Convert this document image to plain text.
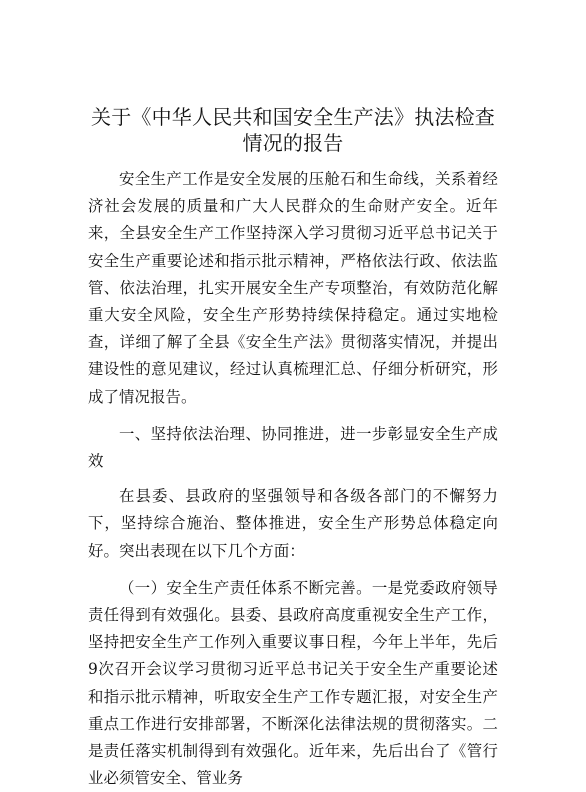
关于《中华人民共和国安全生产法》执法检查
情况的报告

安全生产工作是安全发展的压舱石和生命线，关系着经济社会发展的质量和广大人民群众的生命财产安全。近年来，全县安全生产工作坚持深入学习贯彻习近平总书记关于安全生产重要论述和指示批示精神，严格依法行政、依法监管、依法治理，扎实开展安全生产专项整治，有效防范化解重大安全风险，安全生产形势持续保持稳定。通过实地检查，详细了解了全县《安全生产法》贯彻落实情况，并提出建设性的意见建议，经过认真梳理汇总、仔细分析研究，形成了情况报告。

一、坚持依法治理、协同推进，进一步彰显安全生产成效

在县委、县政府的坚强领导和各级各部门的不懈努力下，坚持综合施治、整体推进，安全生产形势总体稳定向好。突出表现在以下几个方面：

（一）安全生产责任体系不断完善。一是党委政府领导责任得到有效强化。县委、县政府高度重视安全生产工作，坚持把安全生产工作列入重要议事日程，今年上半年，先后9次召开会议学习贯彻习近平总书记关于安全生产重要论述和指示批示精神，听取安全生产工作专题汇报，对安全生产重点工作进行安排部署，不断深化法律法规的贯彻落实。二是责任落实机制得到有效强化。近年来，先后出台了《管行业必须管安全、管业务
